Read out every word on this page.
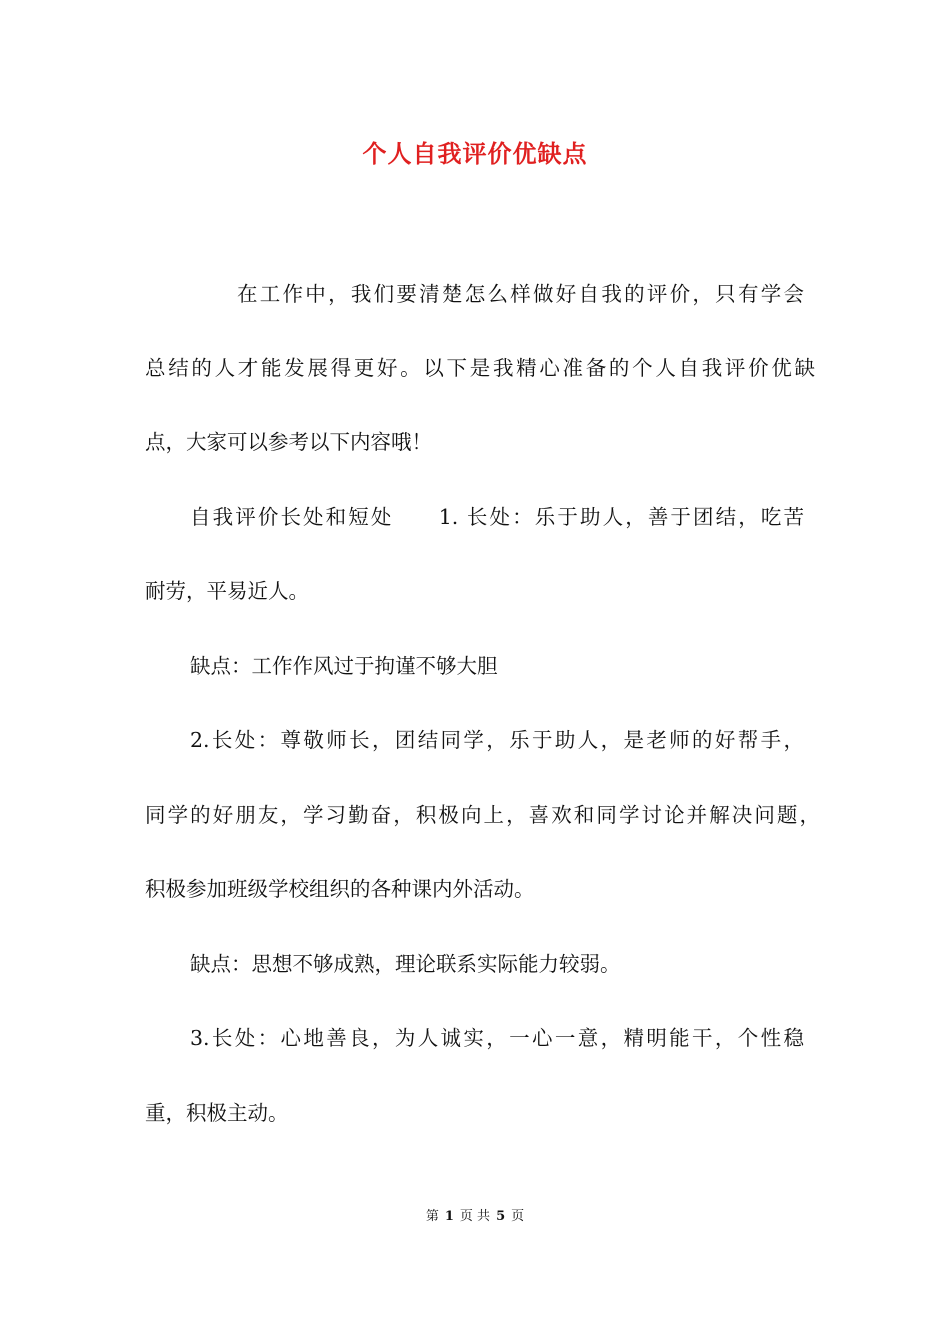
个人自我评价优缺点
在工作中，我们要清楚怎么样做好自我的评价，只有学会
总结的人才能发展得更好。以下是我精心准备的个人自我评价优缺
点，大家可以参考以下内容哦！
自我评价长处和短处　　1. 长处：乐于助人，善于团结，吃苦
耐劳，平易近人。
缺点：工作作风过于拘谨不够大胆
2.长处：尊敬师长，团结同学，乐于助人，是老师的好帮手，
同学的好朋友，学习勤奋，积极向上，喜欢和同学讨论并解决问题，
积极参加班级学校组织的各种课内外活动。
缺点：思想不够成熟，理论联系实际能力较弱。
3.长处：心地善良，为人诚实，一心一意，精明能干，个性稳
重，积极主动。
第 1 页 共 5 页
